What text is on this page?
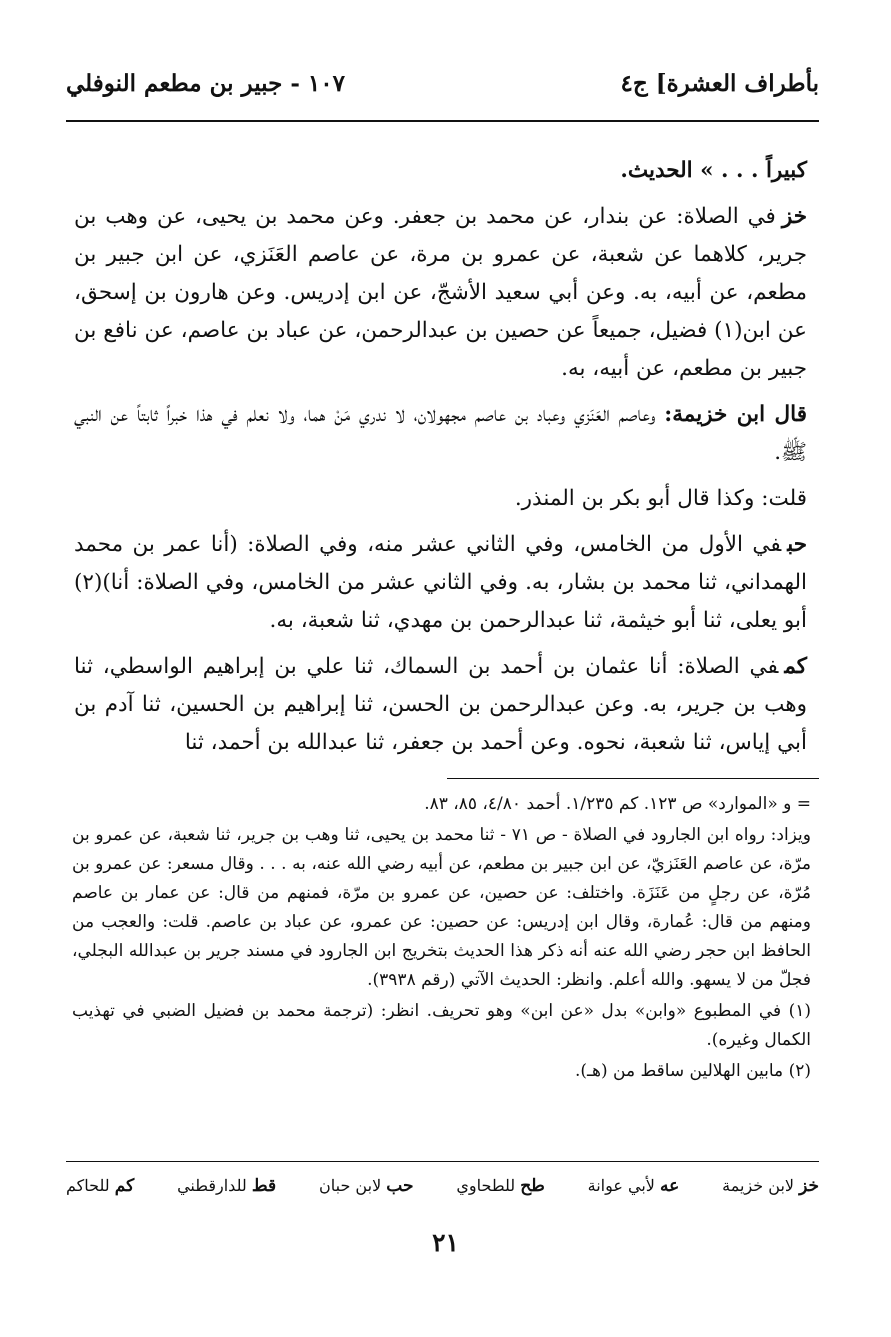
بأطراف العشرة] ج٤
١٠٧ - جبير بن مطعم النوفلي

كبيراً . . . » الحديث.

خزفي الصلاة: عن بندار، عن محمد بن جعفر. وعن محمد بن يحيى، عن وهب بن جرير، كلاهما عن شعبة، عن عمرو بن مرة، عن عاصم العَنَزي، عن ابن جبير بن مطعم، عن أبيه، به. وعن أبي سعيد الأشجّ، عن ابن إدريس. وعن هارون بن إسحق، عن ابن(١) فضيل، جميعاً عن حصين بن عبدالرحمن، عن عباد بن عاصم، عن نافع بن جبير بن مطعم، عن أبيه، به.

قال ابن خزيمة: وعاصم العَنَزي وعباد بن عاصم مجهولان، لا ندري مَنْ هما، ولا نعلم في هذا خبراً ثابتاً عن النبي ﷺ.

قلت: وكذا قال أبو بكر بن المنذر.

حبفي الأول من الخامس، وفي الثاني عشر منه، وفي الصلاة: (أنا عمر بن محمد الهمداني، ثنا محمد بن بشار، به. وفي الثاني عشر من الخامس، وفي الصلاة: أنا)(٢) أبو يعلى، ثنا أبو خيثمة، ثنا عبدالرحمن بن مهدي، ثنا شعبة، به.

كمفي الصلاة: أنا عثمان بن أحمد بن السماك، ثنا علي بن إبراهيم الواسطي، ثنا وهب بن جرير، به. وعن عبدالرحمن بن الحسن، ثنا إبراهيم بن الحسين، ثنا آدم بن أبي إياس، ثنا شعبة، نحوه. وعن أحمد بن جعفر، ثنا عبدالله بن أحمد، ثنا

= و «الموارد» ص ١٢٣. كم ١/٢٣٥. أحمد ٤/٨٠، ٨٥، ٨٣.

ويزاد: رواه ابن الجارود في الصلاة - ص ٧١ - ثنا محمد بن يحيى، ثنا وهب بن جرير، ثنا شعبة، عن عمرو بن مرّة، عن عاصم العَنَزيّ، عن ابن جبير بن مطعم، عن أبيه رضي الله عنه، به . . . وقال مسعر: عن عمرو بن مُرّة، عن رجلٍ من عَنَزَة. واختلف: عن حصين، عن عمرو بن مرّة، فمنهم من قال: عن عمار بن عاصم ومنهم من قال: عُمارة، وقال ابن إدريس: عن حصين: عن عمرو، عن عباد بن عاصم. قلت: والعجب من الحافظ ابن حجر رضي الله عنه أنه ذكر هذا الحديث بتخريج ابن الجارود في مسند جرير بن عبدالله البجلي، فجلّ من لا يسهو. والله أعلم. وانظر: الحديث الآتي (رقم ٣٩٣٨).

(١) في المطبوع «وابن» بدل «عن ابن» وهو تحريف. انظر: (ترجمة محمد بن فضيل الضبي في تهذيب الكمال وغيره).

(٢) مابين الهلالين ساقط من (هـ).

خز لابن خزيمة
عه لأبي عوانة
طح للطحاوي
حب لابن حبان
قط للدارقطني
كم للحاكم
٢١
